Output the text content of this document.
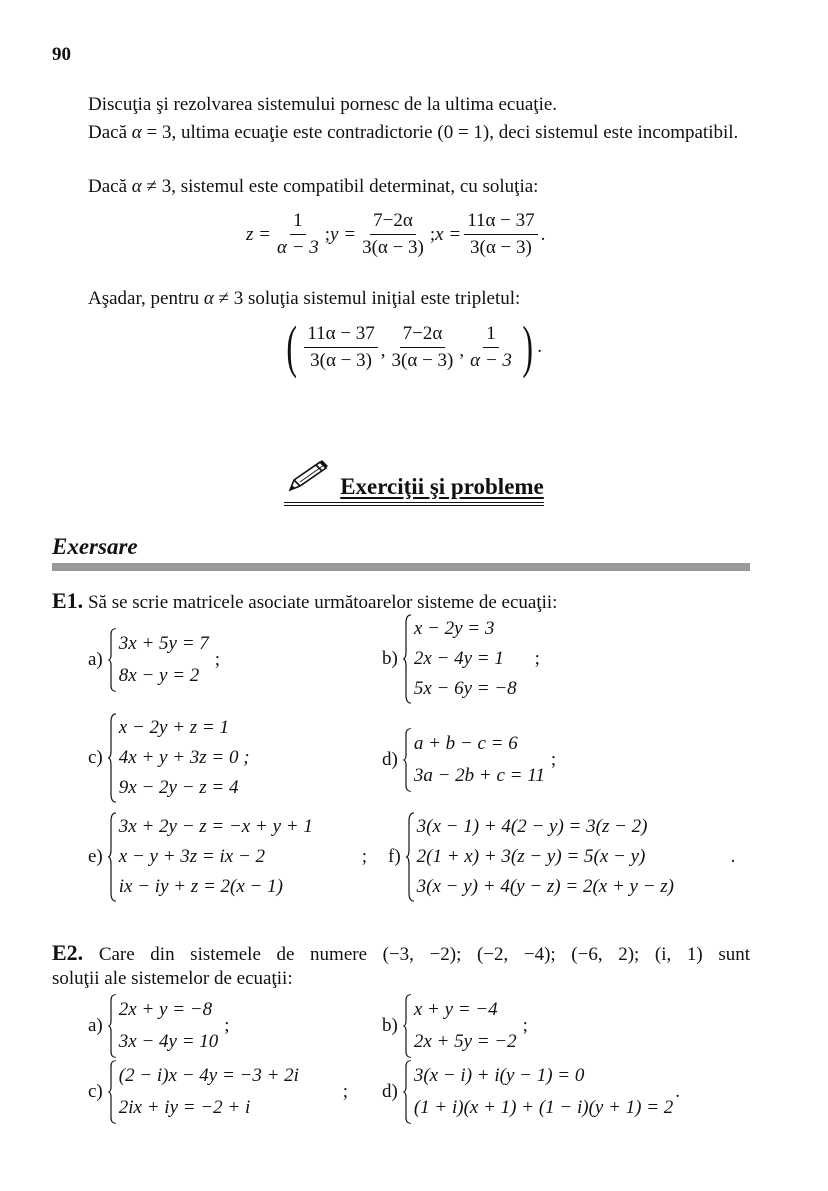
90
Discuţia şi rezolvarea sistemului pornesc de la ultima ecuaţie.
Dacă α = 3, ultima ecuaţie este contradictorie (0 = 1), deci sistemul este incompatibil.
Dacă α ≠ 3, sistemul este compatibil determinat, cu soluţia:
$z = \frac{1}{\alpha - 3}$ ; $y = \frac{7-2\alpha}{3(\alpha - 3)}$ ; $x = \frac{11\alpha - 37}{3(\alpha - 3)}$ .
Aşadar, pentru α ≠ 3 soluţia sistemul iniţial este tripletul:
( $\frac{11\alpha - 37}{3(\alpha - 3)}$ , $\frac{7-2\alpha}{3(\alpha - 3)}$ , $\frac{1}{\alpha - 3}$ ) .
Exerciţii şi probleme
Exersare
E1. Să se scrie matricele asociate următoarelor sisteme de ecuaţii:
a)
3x + 5y = 7
8x − y = 2
;	b)
x − 2y = 3
2x − 4y = 1
5x − 6y = −8
;
c)
x − 2y + z = 1
4x + y + 3z = 0 ;
9x − 2y − z = 4
d)
a + b − c = 6
3a − 2b + c = 11
;
e)
3x + 2y − z = −x + y + 1
x − y + 3z = ix − 2
ix − iy + z = 2(x − 1)
; f)
3(x − 1) + 4(2 − y) = 3(z − 2)
2(1 + x) + 3(z − y) = 5(x − y)
3(x − y) + 4(y − z) = 2(x + y − z)
.
E2. Care din sistemele de numere (−3, −2); (−2, −4); (−6, 2); (i, 1) sunt
soluţii ale sistemelor de ecuaţii:
a)
2x + y = −8
3x − 4y = 10
;	b)
x + y = −4
2x + 5y = −2
;
c)
(2 − i)x − 4y = −3 + 2i
2ix + iy = −2 + i
; d)
3(x − i) + i(y − 1) = 0
(1 + i)(x + 1) + (1 − i)(y + 1) = 2
.
